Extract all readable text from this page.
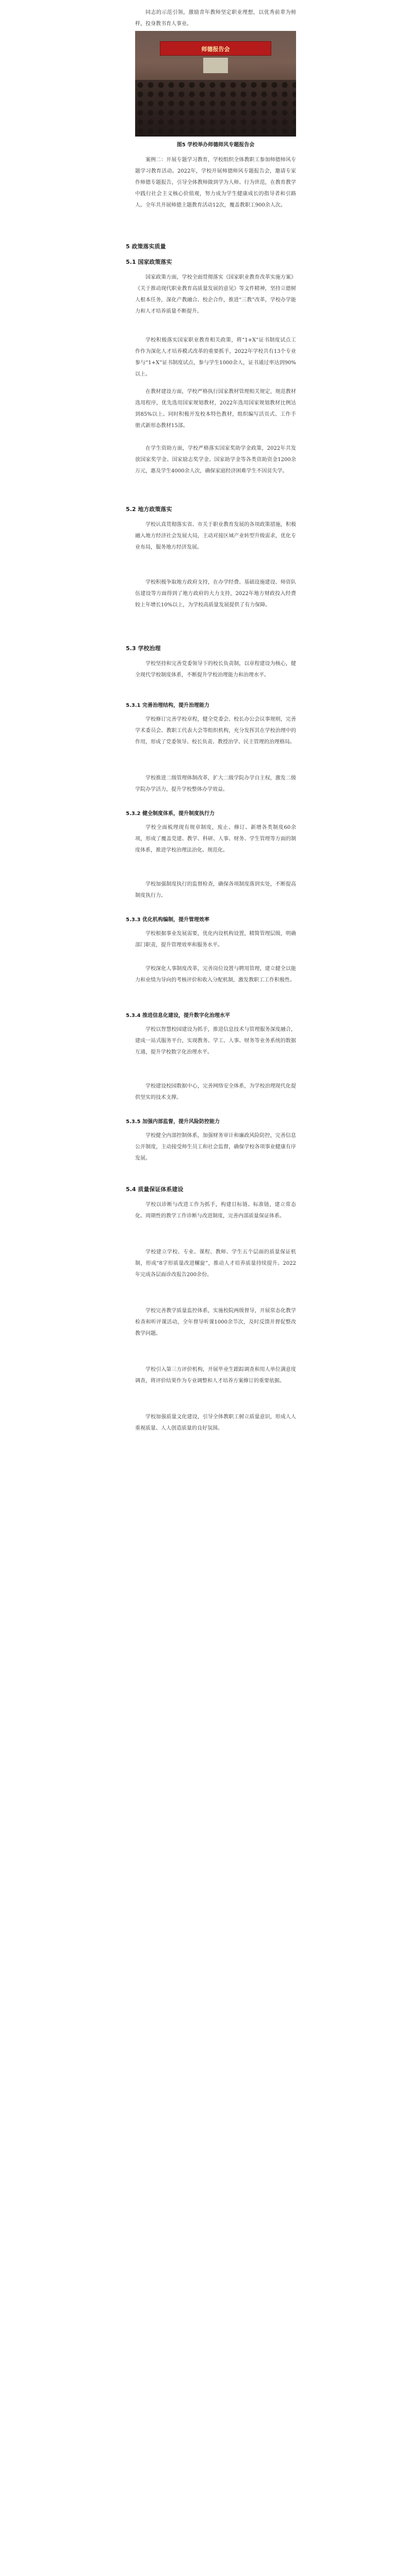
同志的示范引领，激励青年教师坚定职业理想，以优秀前辈为榜样，投身教书育人事业。
师德报告会
图5 学校举办师德师风专题报告会
案例二：开展专题学习教育，学校组织全体教职工参加师德师风专题学习教育活动。2022年，学校开展师德师风专题报告会，邀请专家作师德专题报告，引导全体教师做到学为人师、行为世范，在教育教学中践行社会主义核心价值观，努力成为学生健康成长的指导者和引路人。全年共开展师德主题教育活动12次，覆盖教职工900余人次。
5 政策落实质量
5.1 国家政策落实
国家政策方面，学校全面贯彻落实《国家职业教育改革实施方案》《关于推动现代职业教育高质量发展的意见》等文件精神，坚持立德树人根本任务，深化产教融合、校企合作，推进“三教”改革，学校办学能力和人才培养质量不断提升。
学校积极落实国家职业教育相关政策，将“1+X”证书制度试点工作作为深化人才培养模式改革的重要抓手，2022年学校共有13个专业参与“1+X”证书制度试点，参与学生1000余人，证书通过率达到90%以上。
在教材建设方面，学校严格执行国家教材管理相关规定，规范教材选用程序，优先选用国家规划教材，2022年选用国家规划教材比例达到85%以上。同时积极开发校本特色教材，组织编写活页式、工作手册式新形态教材15部。
在学生资助方面，学校严格落实国家奖助学金政策，2022年共发放国家奖学金、国家励志奖学金、国家助学金等各类资助资金1200余万元，惠及学生4000余人次，确保家庭经济困难学生不因贫失学。
5.2 地方政策落实
学校认真贯彻落实省、市关于职业教育发展的各项政策措施，积极融入地方经济社会发展大局，主动对接区域产业转型升级需求，优化专业布局，服务地方经济发展。
学校积极争取地方政府支持，在办学经费、基础设施建设、师资队伍建设等方面得到了地方政府的大力支持，2022年地方财政投入经费较上年增长10%以上，为学校高质量发展提供了有力保障。
5.3 学校治理
学校坚持和完善党委领导下的校长负责制，以章程建设为核心，健全现代学校制度体系，不断提升学校治理能力和治理水平。
5.3.1 完善治理结构，提升治理能力
学校修订完善学校章程，健全党委会、校长办公会议事规则，完善学术委员会、教职工代表大会等组织机构，充分发挥其在学校治理中的作用，形成了党委领导、校长负责、教授治学、民主管理的治理格局。
学校推进二级管理体制改革，扩大二级学院办学自主权，激发二级学院办学活力，提升学校整体办学效益。
5.3.2 健全制度体系，提升制度执行力
学校全面梳理现有规章制度，废止、修订、新增各类制度60余项，形成了覆盖党建、教学、科研、人事、财务、学生管理等方面的制度体系，推进学校治理法治化、规范化。
学校加强制度执行的监督检查，确保各项制度落到实处，不断提高制度执行力。
5.3.3 优化机构编制，提升管理效率
学校根据事业发展需要，优化内设机构设置，精简管理层级，明确部门职责，提升管理效率和服务水平。
学校深化人事制度改革，完善岗位设置与聘用管理，建立健全以能力和业绩为导向的考核评价和收入分配机制，激发教职工工作积极性。
5.3.4 推进信息化建设，提升数字化治理水平
学校以智慧校园建设为抓手，推进信息技术与管理服务深度融合，建成一站式服务平台，实现教务、学工、人事、财务等业务系统的数据互通，提升学校数字化治理水平。
学校建设校园数据中心，完善网络安全体系，为学校治理现代化提供坚实的技术支撑。
5.3.5 加强内部监督，提升风险防控能力
学校健全内部控制体系，加强财务审计和廉政风险防控，完善信息公开制度，主动接受师生员工和社会监督，确保学校各项事业健康有序发展。
5.4 质量保证体系建设
学校以诊断与改进工作为抓手，构建目标链、标准链，建立常态化、周期性的教学工作诊断与改进制度，完善内部质量保证体系。
学校建立学校、专业、课程、教师、学生五个层面的质量保证机制，形成“8字形质量改进螺旋”，推动人才培养质量持续提升。2022年完成各层面诊改报告200余份。
学校完善教学质量监控体系，实施校院两级督导，开展常态化教学检查和听评课活动，全年督导听课1000余节次，及时反馈并督促整改教学问题。
学校引入第三方评价机构，开展毕业生跟踪调查和用人单位满意度调查，将评价结果作为专业调整和人才培养方案修订的重要依据。
学校加强质量文化建设，引导全体教职工树立质量意识，形成人人重视质量、人人创造质量的良好氛围。
